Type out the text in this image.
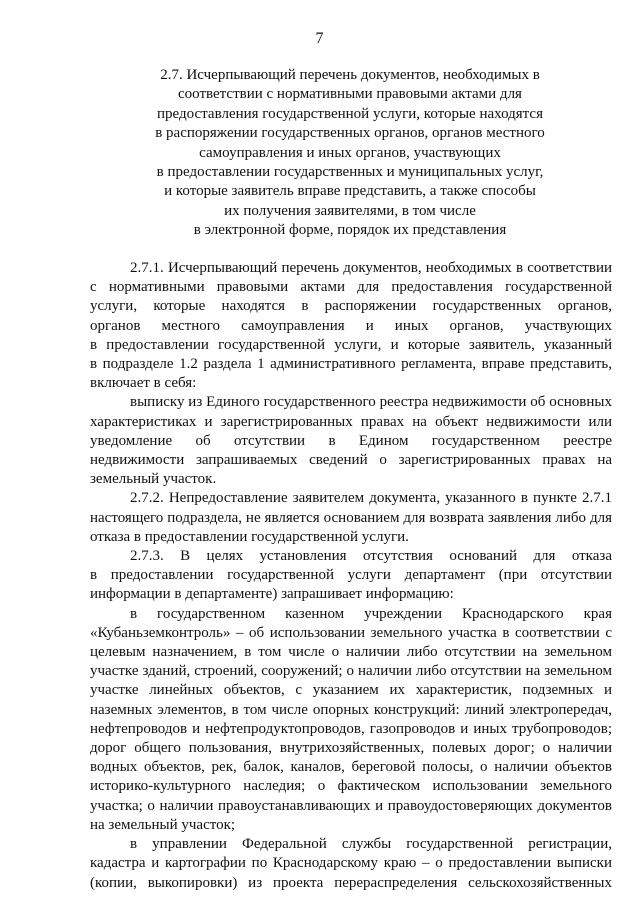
7
2.7. Исчерпывающий перечень документов, необходимых в
соответствии с нормативными правовыми актами для
предоставления государственной услуги, которые находятся
в распоряжении государственных органов, органов местного
самоуправления и иных органов, участвующих
в предоставлении государственных и муниципальных услуг,
и которые заявитель вправе представить, а также способы
их получения заявителями, в том числе
в электронной форме, порядок их представления
2.7.1. Исчерпывающий перечень документов, необходимых в соответствии
с нормативными правовыми актами для предоставления государственной
услуги, которые находятся в распоряжении государственных органов,
органов местного самоуправления и иных органов, участвующих
в предоставлении государственной услуги, и которые заявитель, указанный
в подразделе 1.2 раздела 1 административного регламента, вправе представить,
включает в себя:
выписку из Единого государственного реестра недвижимости об основных
характеристиках и зарегистрированных правах на объект недвижимости или
уведомление об отсутствии в Едином государственном реестре
недвижимости запрашиваемых сведений о зарегистрированных правах на
земельный участок.
2.7.2. Непредоставление заявителем документа, указанного в пункте 2.7.1
настоящего подраздела, не является основанием для возврата заявления либо для
отказа в предоставлении государственной услуги.
2.7.3. В целях установления отсутствия оснований для отказа
в предоставлении государственной услуги департамент (при отсутствии
информации в департаменте) запрашивает информацию:
в государственном казенном учреждении Краснодарского края
«Кубаньземконтроль» – об использовании земельного участка в соответствии с
целевым назначением, в том числе о наличии либо отсутствии на земельном
участке зданий, строений, сооружений; о наличии либо отсутствии на земельном
участке линейных объектов, с указанием их характеристик, подземных и
наземных элементов, в том числе опорных конструкций: линий электропередач,
нефтепроводов и нефтепродуктопроводов, газопроводов и иных трубопроводов;
дорог общего пользования, внутрихозяйственных, полевых дорог; о наличии
водных объектов, рек, балок, каналов, береговой полосы, о наличии объектов
историко-культурного наследия; о фактическом использовании земельного
участка; о наличии правоустанавливающих и правоудостоверяющих документов
на земельный участок;
в управлении Федеральной службы государственной регистрации,
кадастра и картографии по Краснодарскому краю – о предоставлении выписки
(копии, выкопировки) из проекта перераспределения сельскохозяйственных
